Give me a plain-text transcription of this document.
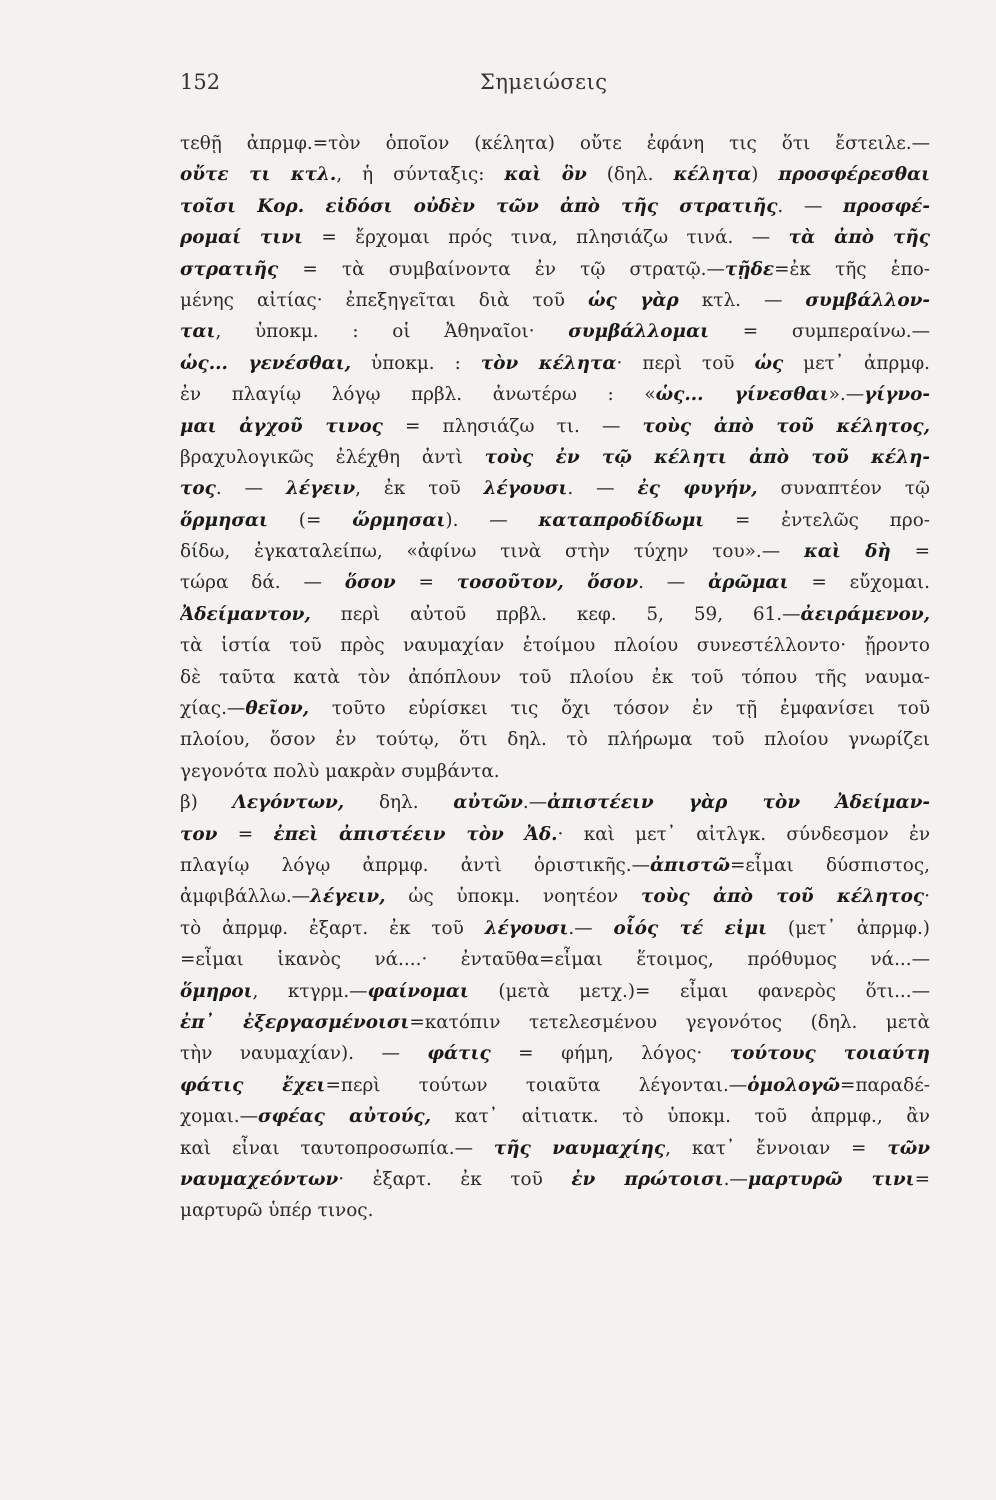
152	Σημειώσεις
τεθῇ ἀπρμφ.=τὸν ὁποῖον (κέλητα) οὔτε ἐφάνη τις ὅτι ἔστειλε.—
οὔτε τι κτλ., ἡ σύνταξις: καὶ ὃν (δηλ. κέλητα) προσφέρεσθαι
τοῖσι Κορ. εἰδόσι οὐδὲν τῶν ἀπὸ τῆς στρατιῆς. — προσφέ-
ρομαί τινι = ἔρχομαι πρός τινα, πλησιάζω τινά. — τὰ ἀπὸ τῆς
στρατιῆς = τὰ συμβαίνοντα ἐν τῷ στρατῷ.—τῇδε=ἐκ τῆς ἑπο-
μένης αἰτίας· ἐπεξηγεῖται διὰ τοῦ ὡς γὰρ κτλ. — συμβάλλον-
ται, ὑποκμ. : οἱ Ἀθηναῖοι· συμβάλλομαι = συμπεραίνω.—
ὡς... γενέσθαι, ὑποκμ. : τὸν κέλητα· περὶ τοῦ ὡς μετ᾽ ἀπρμφ.
ἐν πλαγίῳ λόγῳ πρβλ. ἀνωτέρω : «ὡς... γίνεσθαι».—γίγνο-
μαι ἀγχοῦ τινος = πλησιάζω τι. — τοὺς ἀπὸ τοῦ κέλητος,
βραχυλογικῶς ἐλέχθη ἀντὶ τοὺς ἐν τῷ κέλητι ἀπὸ τοῦ κέλη-
τος. — λέγειν, ἐκ τοῦ λέγουσι. — ἐς φυγήν, συναπτέον τῷ
ὅρμησαι (= ὥρμησαι). — καταπροδίδωμι = ἐντελῶς προ-
δίδω, ἐγκαταλείπω, «ἀφίνω τινὰ στὴν τύχην του».— καὶ δὴ =
τώρα δά. — ὅσον = τοσοῦτον, ὅσον. — ἀρῶμαι = εὔχομαι.
Ἀδείμαντον, περὶ αὐτοῦ πρβλ. κεφ. 5, 59, 61.—ἀειράμενον,
τὰ ἱστία τοῦ πρὸς ναυμαχίαν ἑτοίμου πλοίου συνεστέλλοντο· ᾔροντο
δὲ ταῦτα κατὰ τὸν ἀπόπλουν τοῦ πλοίου ἐκ τοῦ τόπου τῆς ναυμα-
χίας.—θεῖον, τοῦτο εὑρίσκει τις ὄχι τόσον ἐν τῇ ἐμφανίσει τοῦ
πλοίου, ὅσον ἐν τούτῳ, ὅτι δηλ. τὸ πλήρωμα τοῦ πλοίου γνωρίζει
γεγονότα πολὺ μακρὰν συμβάντα.
β) Λεγόντων, δηλ. αὐτῶν.—ἀπιστέειν γὰρ τὸν Ἀδείμαν-
τον = ἐπεὶ ἀπιστέειν τὸν Ἀδ.· καὶ μετ᾽ αἰτλγκ. σύνδεσμον ἐν
πλαγίῳ λόγῳ ἀπρμφ. ἀντὶ ὁριστικῆς.—ἀπιστῶ=εἶμαι δύσπιστος,
ἀμφιβάλλω.—λέγειν, ὡς ὑποκμ. νοητέον τοὺς ἀπὸ τοῦ κέλητος·
τὸ ἀπρμφ. ἐξαρτ. ἐκ τοῦ λέγουσι.— οἷός τέ εἰμι (μετ᾽ ἀπρμφ.)
=εἶμαι ἱκανὸς νά....· ἐνταῦθα=εἶμαι ἕτοιμος, πρόθυμος νά...—
ὅμηροι, κτγρμ.—φαίνομαι (μετὰ μετχ.)= εἶμαι φανερὸς ὅτι...—
ἐπ᾽ ἐξεργασμένοισι=κατόπιν τετελεσμένου γεγονότος (δηλ. μετὰ
τὴν ναυμαχίαν). — φάτις = φήμη, λόγος· τούτους τοιαύτη
φάτις ἔχει=περὶ τούτων τοιαῦτα λέγονται.—ὁμολογῶ=παραδέ-
χομαι.—σφέας αὐτούς, κατ᾽ αἰτιατκ. τὸ ὑποκμ. τοῦ ἀπρμφ., ἂν
καὶ εἶναι ταυτοπροσωπία.— τῆς ναυμαχίης, κατ᾽ ἔννοιαν = τῶν
ναυμαχεόντων· ἐξαρτ. ἐκ τοῦ ἐν πρώτοισι.—μαρτυρῶ τινι=
μαρτυρῶ ὑπέρ τινος.
